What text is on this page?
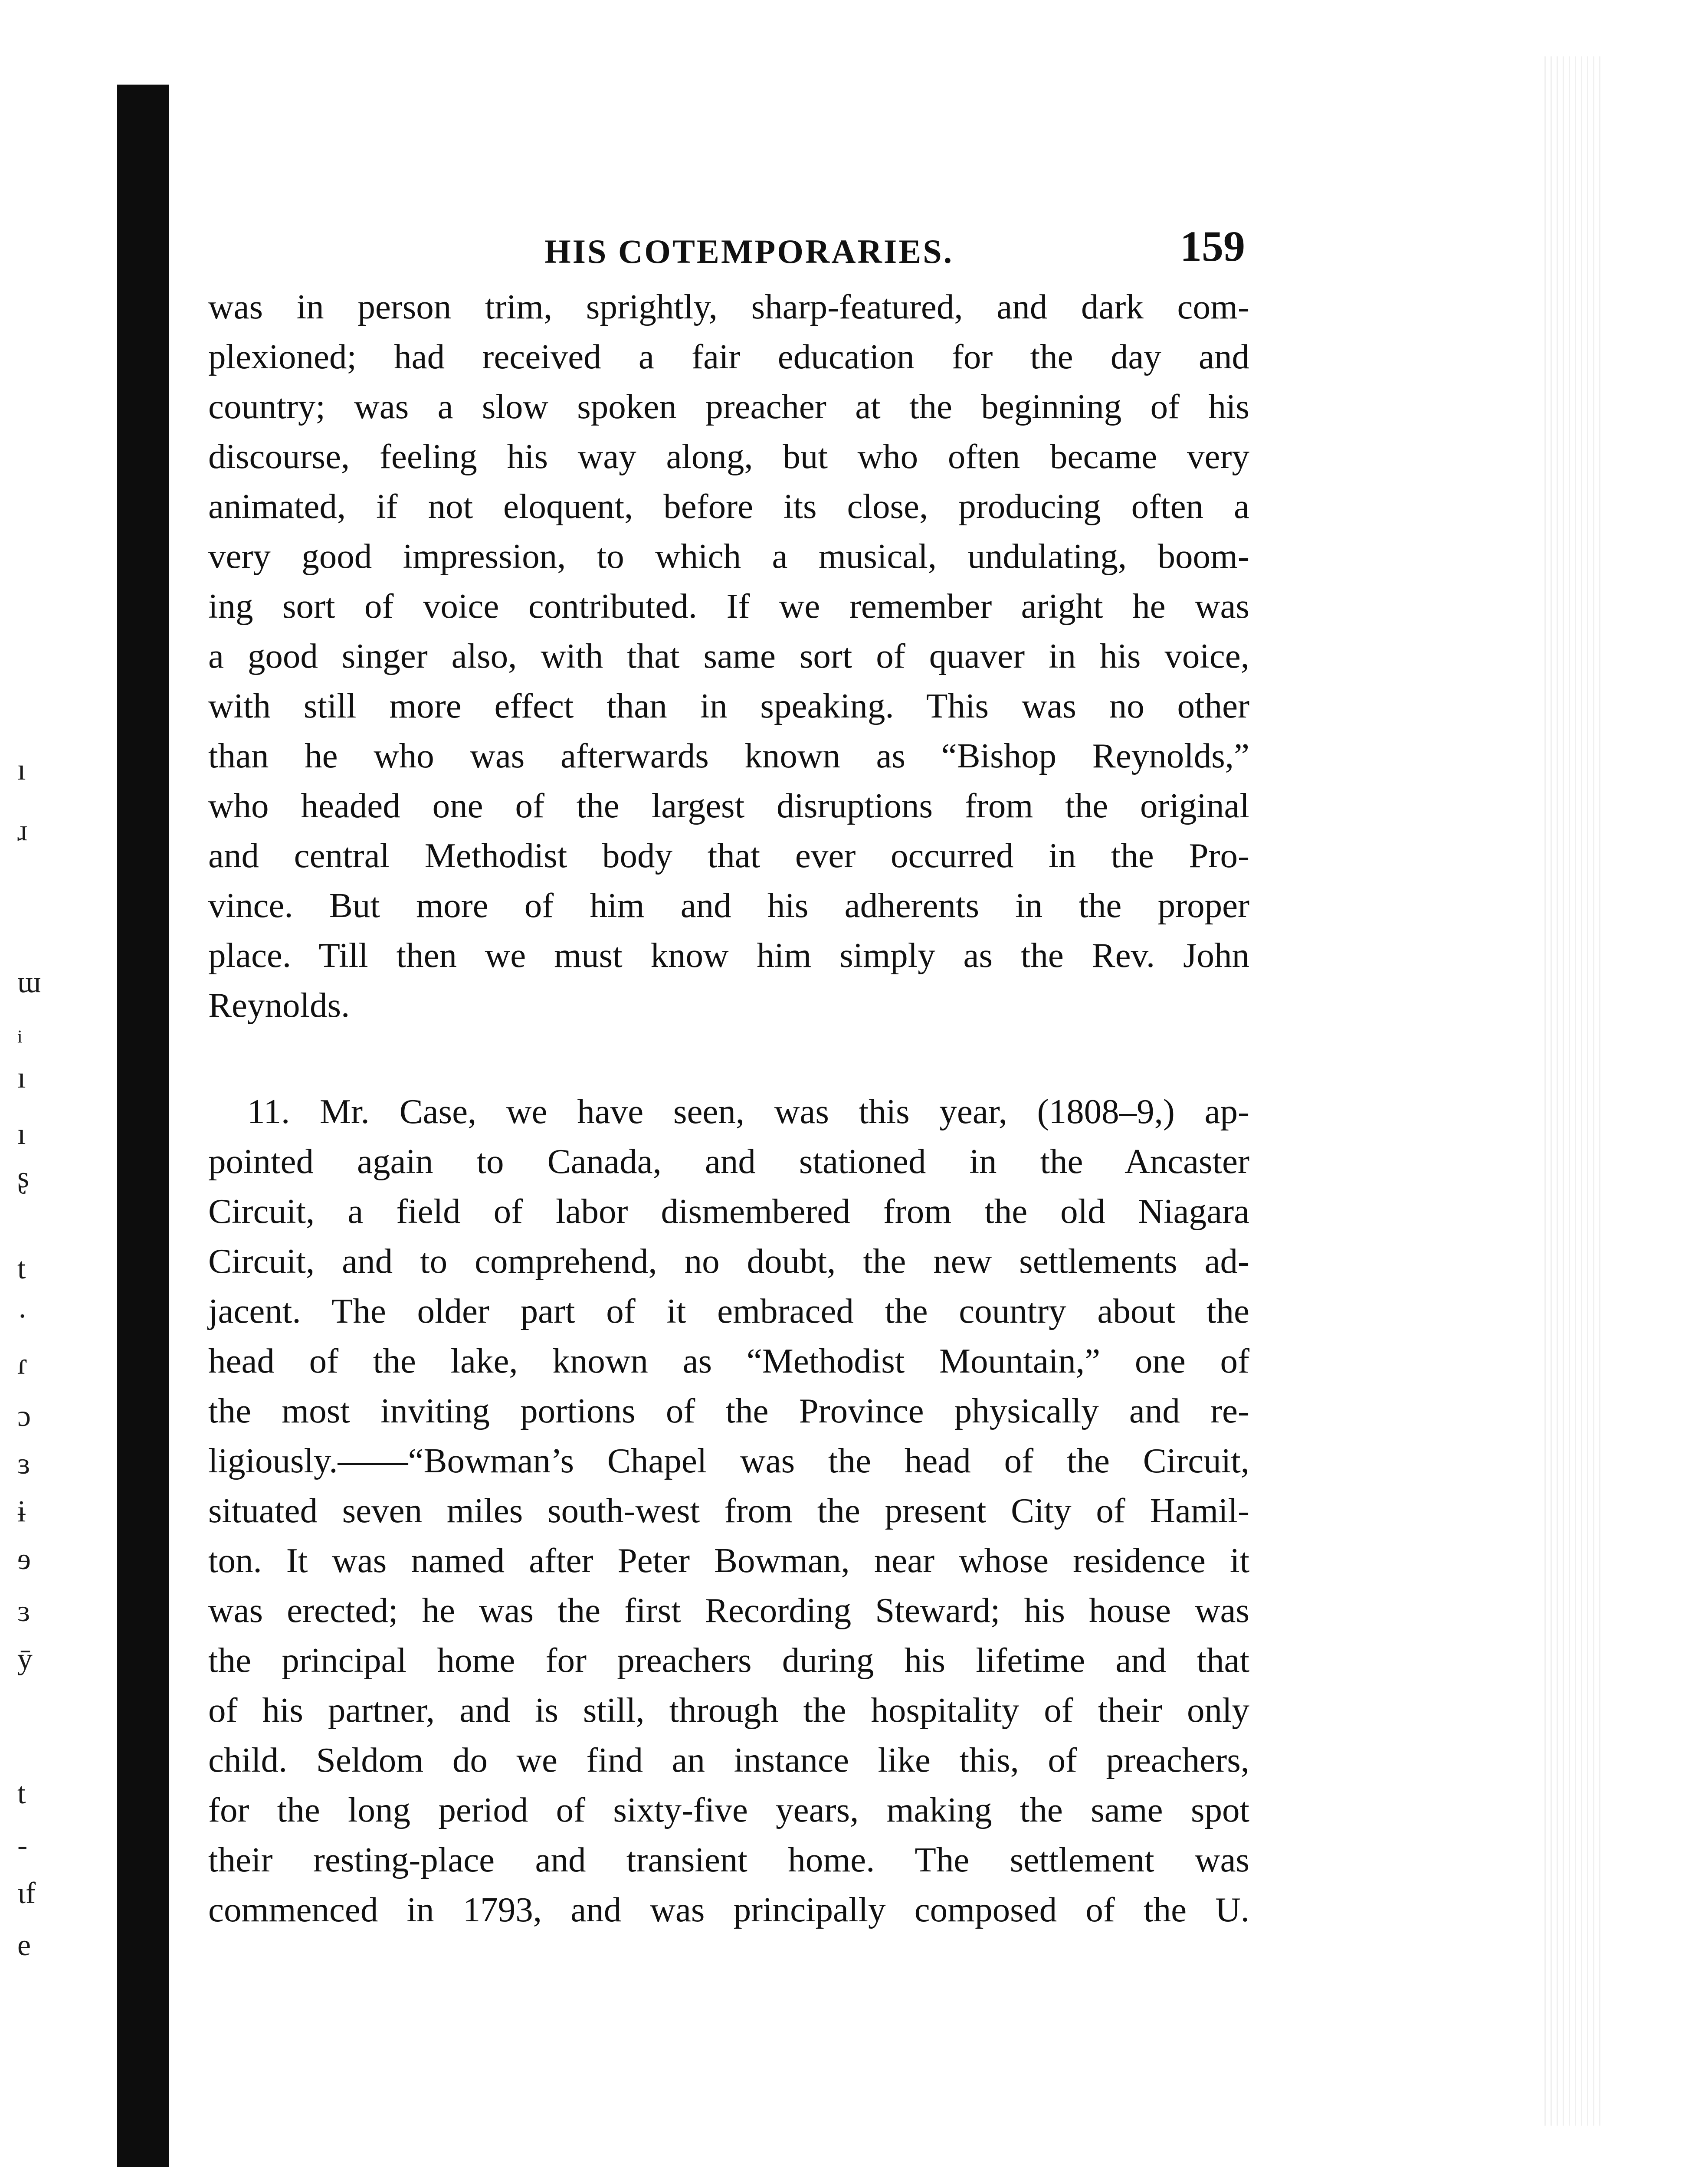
ı
ɹ
ɯ
ᵢ
ı
ı
ʂ
t
·
ɾ
ɔ
ɜ
ɨ
ɘ
ɜ
ȳ
t
-
ɩf
e
HIS COTEMPORARIES.	159

was in person trim, sprightly, sharp-featured, and dark com-
plexioned; had received a fair education for the day and
country; was a slow spoken preacher at the beginning of his
discourse, feeling his way along, but who often became very
animated, if not eloquent, before its close, producing often a
very good impression, to which a musical, undulating, boom-
ing sort of voice contributed. If we remember aright he was
a good singer also, with that same sort of quaver in his voice,
with still more effect than in speaking. This was no other
than he who was afterwards known as “Bishop Reynolds,”
who headed one of the largest disruptions from the original
and central Methodist body that ever occurred in the Pro-
vince. But more of him and his adherents in the proper
place. Till then we must know him simply as the Rev. John
Reynolds.

11. Mr. Case, we have seen, was this year, (1808–9,) ap-
pointed again to Canada, and stationed in the Ancaster
Circuit, a field of labor dismembered from the old Niagara
Circuit, and to comprehend, no doubt, the new settlements ad-
jacent. The older part of it embraced the country about the
head of the lake, known as “Methodist Mountain,” one of
the most inviting portions of the Province physically and re-
ligiously.——“Bowman’s Chapel was the head of the Circuit,
situated seven miles south-west from the present City of Hamil-
ton. It was named after Peter Bowman, near whose residence it
was erected; he was the first Recording Steward; his house was
the principal home for preachers during his lifetime and that
of his partner, and is still, through the hospitality of their only
child. Seldom do we find an instance like this, of preachers,
for the long period of sixty-five years, making the same spot
their resting-place and transient home. The settlement was
commenced in 1793, and was principally composed of the U.
